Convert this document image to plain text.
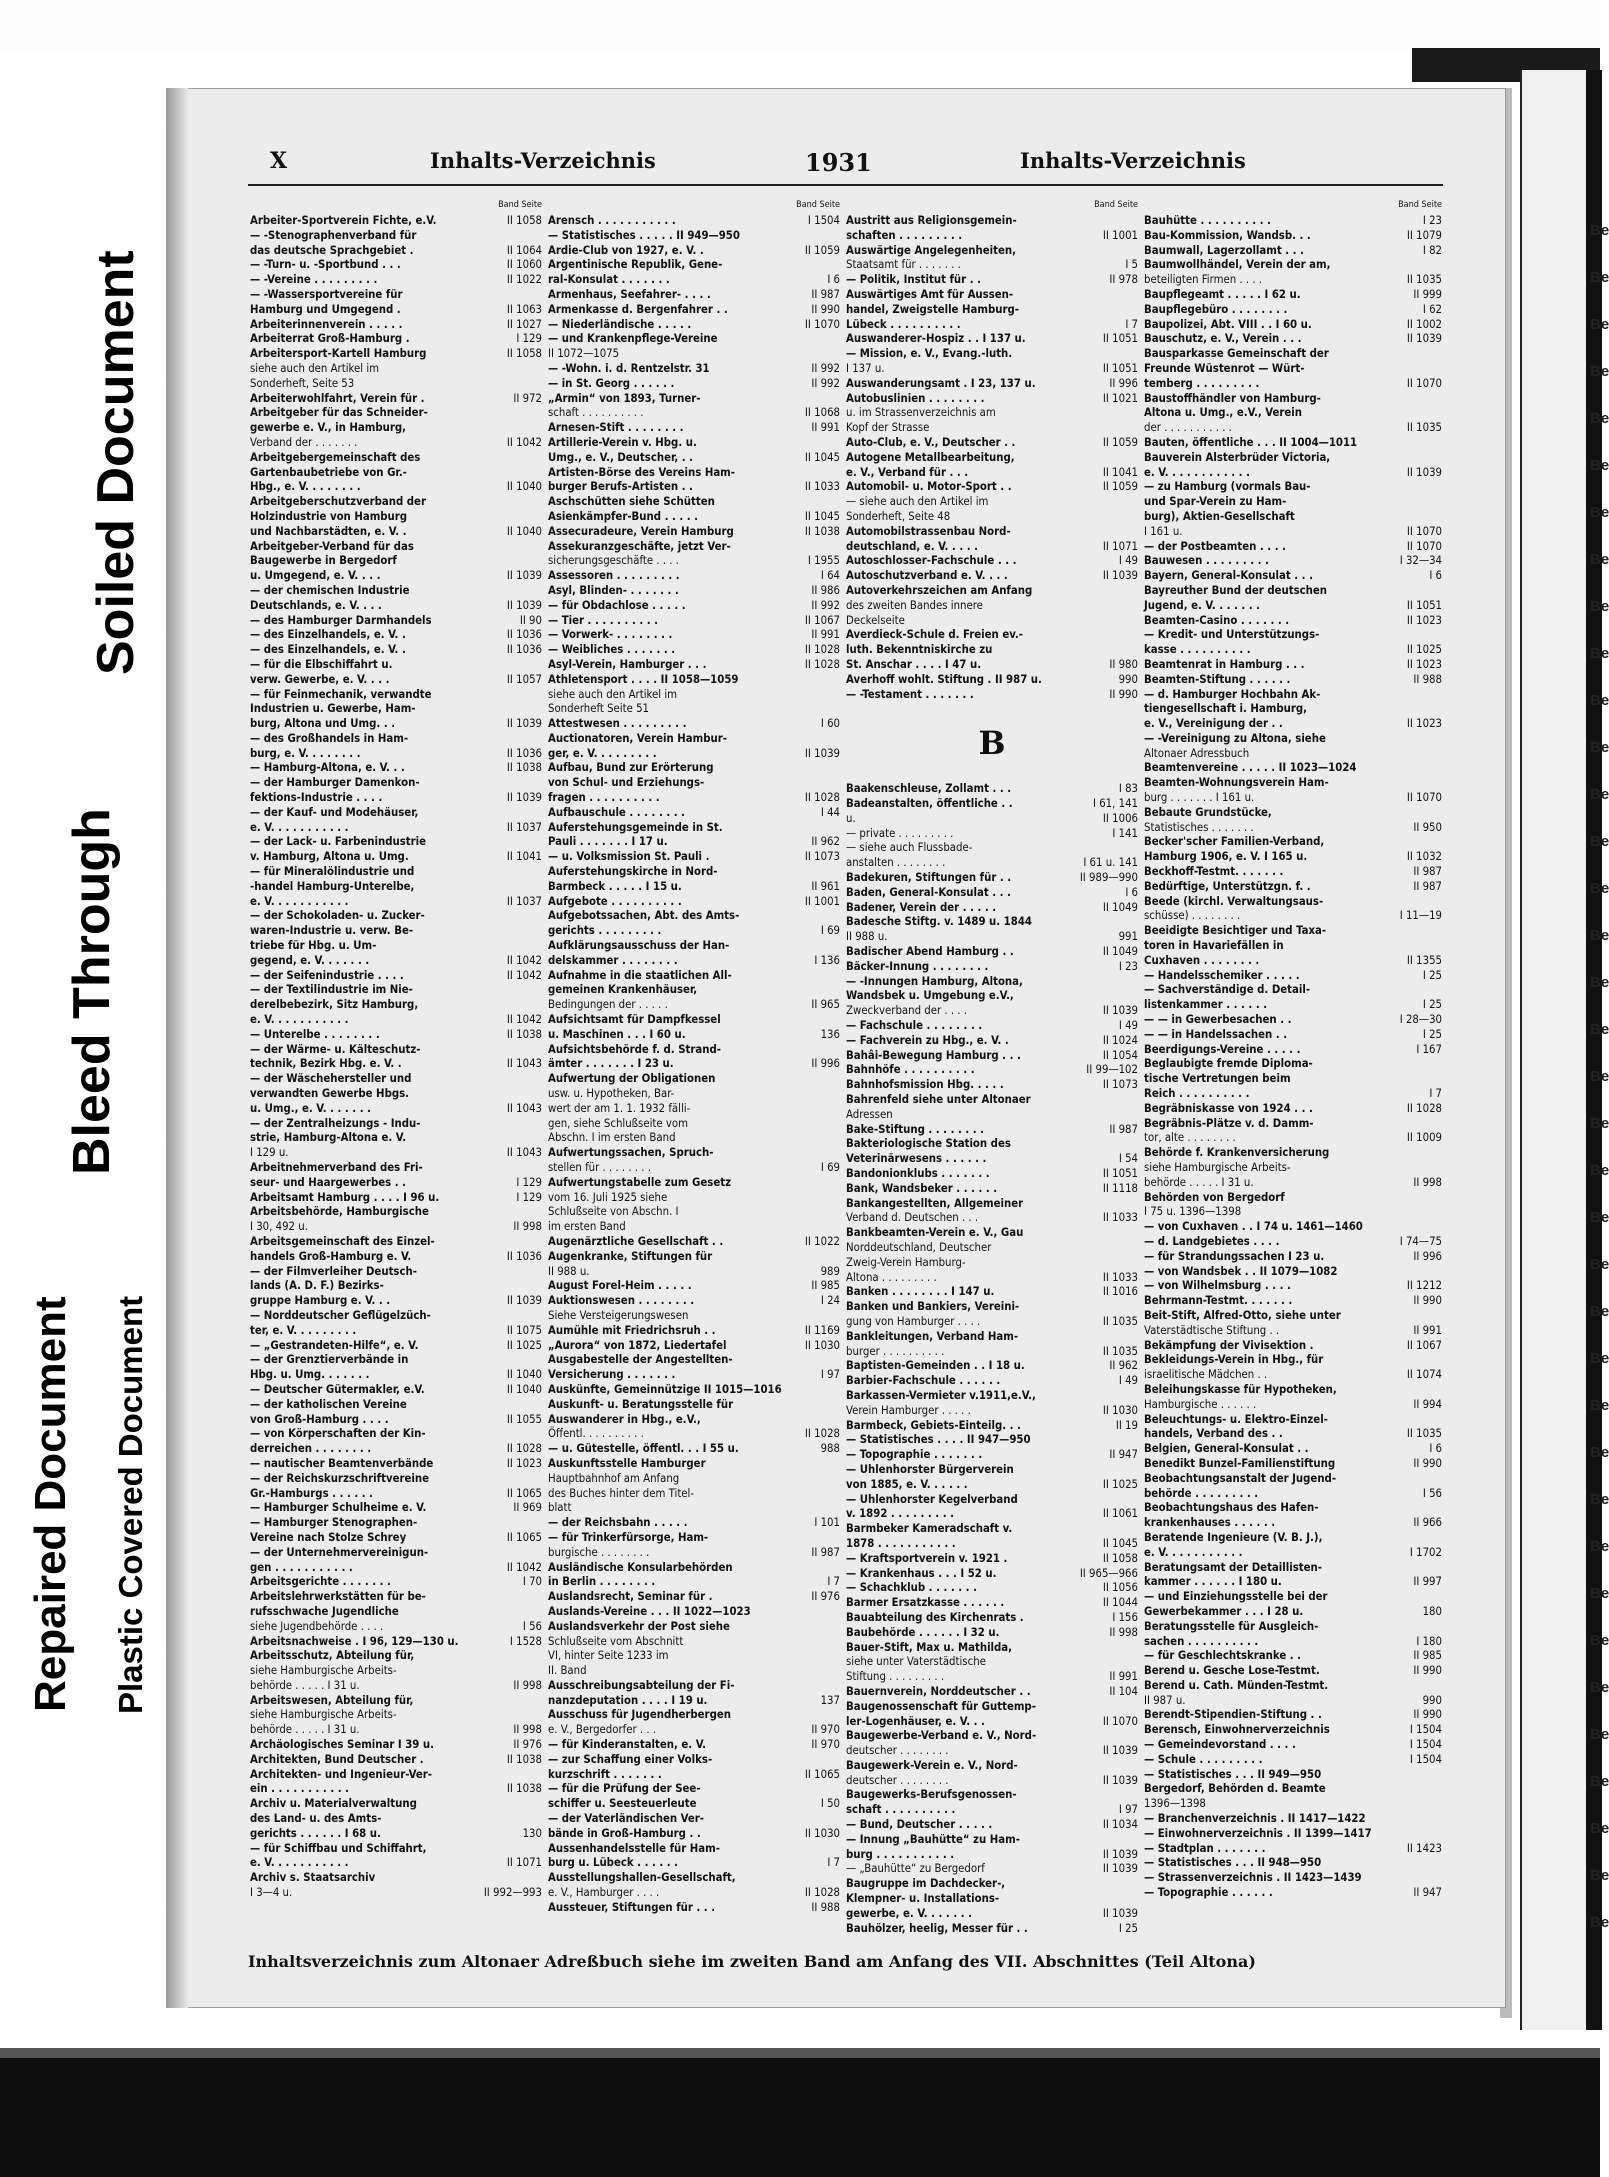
Be
Be
Be
Be
Be
Be
Be
Be
Be
Be
Be
Be
Be
Be
Be
Be
Be
Be
Be
Be
Be
Be
Be
Be
Be
Be
Be
Be
Be
Be
Be
Be
Be
Be
Be
Be
Be
X	Inhalts-Verzeichnis	1931	Inhalts-Verzeichnis
Band Seite
Arbeiter-Sportverein Fichte, e.V.	II 1058
— -Stenographenverband für
das deutsche Sprachgebiet .	II 1064
— -Turn- u. -Sportbund . . .	II 1060
— -Vereine . . . . . . . . .	II 1022
— -Wassersportvereine für
Hamburg und Umgegend .	II 1063
Arbeiterinnenverein . . . . .	II 1027
Arbeiterrat Groß-Hamburg .	I 129
Arbeitersport-Kartell Hamburg	II 1058
siehe auch den Artikel im
Sonderheft, Seite 53
Arbeiterwohlfahrt, Verein für .	II 972
Arbeitgeber für das Schneider-
gewerbe e. V., in Hamburg,
Verband der . . . . . . .	II 1042
Arbeitgebergemeinschaft des
Gartenbaubetriebe von Gr.-
Hbg., e. V. . . . . . . .	II 1040
Arbeitgeberschutzverband der
Holzindustrie von Hamburg
und Nachbarstädten, e. V. .	II 1040
Arbeitgeber-Verband für das
Baugewerbe in Bergedorf
u. Umgegend, e. V. . . .	II 1039
— der chemischen Industrie
Deutschlands, e. V. . . .	II 1039
— des Hamburger Darmhandels	II 90
— des Einzelhandels, e. V. .	II 1036
— des Einzelhandels, e. V. .	II 1036
— für die Elbschiffahrt u.
verw. Gewerbe, e. V. . . .	II 1057
— für Feinmechanik, verwandte
Industrien u. Gewerbe, Ham-
burg, Altona und Umg. . .	II 1039
— des Großhandels in Ham-
burg, e. V. . . . . . . .	II 1036
— Hamburg-Altona, e. V. . .	II 1038
— der Hamburger Damenkon-
fektions-Industrie . . . .	II 1039
— der Kauf- und Modehäuser,
e. V. . . . . . . . . . .	II 1037
— der Lack- u. Farbenindustrie
v. Hamburg, Altona u. Umg.	II 1041
— für Mineralölindustrie und
-handel Hamburg-Unterelbe,
e. V. . . . . . . . . . .	II 1037
— der Schokoladen- u. Zucker-
waren-Industrie u. verw. Be-
triebe für Hbg. u. Um-
gegend, e. V. . . . . . .	II 1042
— der Seifenindustrie . . . .	II 1042
— der Textilindustrie im Nie-
derelbebezirk, Sitz Hamburg,
e. V. . . . . . . . . . .	II 1042
— Unterelbe . . . . . . . .	II 1038
— der Wärme- u. Kälteschutz-
technik, Bezirk Hbg. e. V. .	II 1043
— der Wäschehersteller und
verwandten Gewerbe Hbgs.
u. Umg., e. V. . . . . . .	II 1043
— der Zentralheizungs - Indu-
strie, Hamburg-Altona e. V.
I 129 u.	II 1043
Arbeitnehmerverband des Fri-
seur- und Haargewerbes . .	I 129
Arbeitsamt Hamburg . . . . I 96 u.	I 129
Arbeitsbehörde, Hamburgische
I 30, 492 u.	II 998
Arbeitsgemeinschaft des Einzel-
handels Groß-Hamburg e. V.	II 1036
— der Filmverleiher Deutsch-
lands (A. D. F.) Bezirks-
gruppe Hamburg e. V. . .	II 1039
— Norddeutscher Geflügelzüch-
ter, e. V. . . . . . . . .	II 1075
— „Gestrandeten-Hilfe“, e. V.	II 1025
— der Grenztierverbände in
Hbg. u. Umg. . . . . . .	II 1040
— Deutscher Gütermakler, e.V.	II 1040
— der katholischen Vereine
von Groß-Hamburg . . . .	II 1055
— von Körperschaften der Kin-
derreichen . . . . . . . .	II 1028
— nautischer Beamtenverbände	II 1023
— der Reichskurzschriftvereine
Gr.-Hamburgs . . . . . .	II 1065
— Hamburger Schulheime e. V.	II 969
— Hamburger Stenographen-
Vereine nach Stolze Schrey	II 1065
— der Unternehmervereinigun-
gen . . . . . . . . . . .	II 1042
Arbeitsgerichte . . . . . . .	I 70
Arbeitslehrwerkstätten für be-
rufsschwache Jugendliche
siehe Jugendbehörde . . . .	I 56
Arbeitsnachweise . I 96, 129—130 u.	I 1528
Arbeitsschutz, Abteilung für,
siehe Hamburgische Arbeits-
behörde . . . . . I 31 u.	II 998
Arbeitswesen, Abteilung für,
siehe Hamburgische Arbeits-
behörde . . . . . I 31 u.	II 998
Archäologisches Seminar I 39 u.	II 976
Architekten, Bund Deutscher .	II 1038
Architekten- und Ingenieur-Ver-
ein . . . . . . . . . . .	II 1038
Archiv u. Materialverwaltung
des Land- u. des Amts-
gerichts . . . . . . I 68 u.	130
— für Schiffbau und Schiffahrt,
e. V. . . . . . . . . . .	II 1071
Archiv s. Staatsarchiv
I 3—4 u.	II 992—993
Band Seite
Arensch . . . . . . . . . . .	I 1504
— Statistisches . . . . . II 949—950
Ardie-Club von 1927, e. V. .	II 1059
Argentinische Republik, Gene-
ral-Konsulat . . . . . . .	I 6
Armenhaus, Seefahrer- . . . .	II 987
Armenkasse d. Bergenfahrer . .	II 990
— Niederländische . . . . .	II 1070
— und Krankenpflege-Vereine
II 1072—1075
— -Wohn. i. d. Rentzelstr. 31	II 992
— in St. Georg . . . . . .	II 992
„Armin“ von 1893, Turner-
schaft . . . . . . . . . .	II 1068
Arnesen-Stift . . . . . . . .	II 991
Artillerie-Verein v. Hbg. u.
Umg., e. V., Deutscher, . .	II 1045
Artisten-Börse des Vereins Ham-
burger Berufs-Artisten . .	II 1033
Aschschütten siehe Schütten
Asienkämpfer-Bund . . . . .	II 1045
Assecuradeure, Verein Hamburg	II 1038
Assekuranzgeschäfte, jetzt Ver-
sicherungsgeschäfte . . . .	I 1955
Assessoren . . . . . . . . .	I 64
Asyl, Blinden- . . . . . . .	II 986
— für Obdachlose . . . . .	II 992
— Tier . . . . . . . . . .	II 1067
— Vorwerk- . . . . . . . .	II 991
— Weibliches . . . . . . .	II 1028
Asyl-Verein, Hamburger . . .	II 1028
Athletensport . . . . II 1058—1059
siehe auch den Artikel im
Sonderheft Seite 51
Attestwesen . . . . . . . . .	I 60
Auctionatoren, Verein Hambur-
ger, e. V. . . . . . . . .	II 1039
Aufbau, Bund zur Erörterung
von Schul- und Erziehungs-
fragen . . . . . . . . . .	II 1028
Aufbauschule . . . . . . . .	I 44
Auferstehungsgemeinde in St.
Pauli . . . . . . . I 17 u.	II 962
— u. Volksmission St. Pauli .	II 1073
Auferstehungskirche in Nord-
Barmbeck . . . . . I 15 u.	II 961
Aufgebote . . . . . . . . . .	II 1001
Aufgebotssachen, Abt. des Amts-
gerichts . . . . . . . . .	I 69
Aufklärungsausschuss der Han-
delskammer . . . . . . . .	I 136
Aufnahme in die staatlichen All-
gemeinen Krankenhäuser,
Bedingungen der . . . . .	II 965
Aufsichtsamt für Dampfkessel
u. Maschinen . . . I 60 u.	136
Aufsichtsbehörde f. d. Strand-
ämter . . . . . . . I 23 u.	II 996
Aufwertung der Obligationen
usw. u. Hypotheken, Bar-
wert der am 1. 1. 1932 fälli-
gen, siehe Schlußseite vom
Abschn. I im ersten Band
Aufwertungssachen, Spruch-
stellen für . . . . . . . .	I 69
Aufwertungstabelle zum Gesetz
vom 16. Juli 1925 siehe
Schlußseite von Abschn. I
im ersten Band
Augenärztliche Gesellschaft . .	II 1022
Augenkranke, Stiftungen für
II 988 u.	989
August Forel-Heim . . . . .	II 985
Auktionswesen . . . . . . . .	I 24
Siehe Versteigerungswesen
Aumühle mit Friedrichsruh . .	II 1169
„Aurora“ von 1872, Liedertafel	II 1030
Ausgabestelle der Angestellten-
Versicherung . . . . . . .	I 97
Auskünfte, Gemeinnützige II 1015—1016
Auskunft- u. Beratungsstelle für
Auswanderer in Hbg., e.V.,
Öffentl. . . . . . . . . .	II 1028
— u. Gütestelle, öffentl. . . I 55 u.	988
Auskunftsstelle Hamburger
Hauptbahnhof am Anfang
des Buches hinter dem Titel-
blatt
— der Reichsbahn . . . . .	I 101
— für Trinkerfürsorge, Ham-
burgische . . . . . . . .	II 987
Ausländische Konsularbehörden
in Berlin . . . . . . . .	I 7
Auslandsrecht, Seminar für .	II 976
Auslands-Vereine . . . II 1022—1023
Auslandsverkehr der Post siehe
Schlußseite vom Abschnitt
VI, hinter Seite 1233 im
II. Band
Ausschreibungsabteilung der Fi-
nanzdeputation . . . . I 19 u.	137
Ausschuss für Jugendherbergen
e. V., Bergedorfer . . .	II 970
— für Kinderanstalten, e. V.	II 970
— zur Schaffung einer Volks-
kurzschrift . . . . . . .	II 1065
— für die Prüfung der See-
schiffer u. Seesteuerleute	I 50
— der Vaterländischen Ver-
bände in Groß-Hamburg . .	II 1030
Aussenhandelsstelle für Ham-
burg u. Lübeck . . . . . .	I 7
Ausstellungshallen-Gesellschaft,
e. V., Hamburger . . . .	II 1028
Aussteuer, Stiftungen für . . .	II 988
Band Seite
Austritt aus Religionsgemein-
schaften . . . . . . . . .	II 1001
Auswärtige Angelegenheiten,
Staatsamt für . . . . . . .	I 5
— Politik, Institut für . .	II 978
Auswärtiges Amt für Aussen-
handel, Zweigstelle Hamburg-
Lübeck . . . . . . . . . .	I 7
Auswanderer-Hospiz . . I 137 u.	II 1051
— Mission, e. V., Evang.-luth.
I 137 u.	II 1051
Auswanderungsamt . I 23, 137 u.	II 996
Autobuslinien . . . . . . . .	II 1021
u. im Strassenverzeichnis am
Kopf der Strasse
Auto-Club, e. V., Deutscher . .	II 1059
Autogene Metallbearbeitung,
e. V., Verband für . . .	II 1041
Automobil- u. Motor-Sport . .	II 1059
— siehe auch den Artikel im
Sonderheft, Seite 48
Automobilstrassenbau Nord-
deutschland, e. V. . . . .	II 1071
Autoschlosser-Fachschule . . .	I 49
Autoschutzverband e. V. . . .	II 1039
Autoverkehrszeichen am Anfang
des zweiten Bandes innere
Deckelseite
Averdieck-Schule d. Freien ev.-
luth. Bekenntniskirche zu
St. Anschar . . . . I 47 u.	II 980
Averhoff wohlt. Stiftung . II 987 u.	990
— -Testament . . . . . . .	II 990
B
Baakenschleuse, Zollamt . . .	I 83
Badeanstalten, öffentliche . .	I 61, 141
u.	II 1006
— private . . . . . . . . .	I 141
— siehe auch Flussbade-
anstalten . . . . . . . .	I 61 u. 141
Badekuren, Stiftungen für . .	II 989—990
Baden, General-Konsulat . . .	I 6
Badener, Verein der . . . . .	II 1049
Badesche Stiftg. v. 1489 u. 1844
II 988 u.	991
Badischer Abend Hamburg . .	II 1049
Bäcker-Innung . . . . . . . .	I 23
— -Innungen Hamburg, Altona,
Wandsbek u. Umgebung e.V.,
Zweckverband der . . . .	II 1039
— Fachschule . . . . . . . .	I 49
— Fachverein zu Hbg., e. V. .	II 1024
Bahâi-Bewegung Hamburg . . .	II 1054
Bahnhöfe . . . . . . . . . .	II 99—102
Bahnhofsmission Hbg. . . . .	II 1073
Bahrenfeld siehe unter Altonaer
Adressen
Bake-Stiftung . . . . . . . .	II 987
Bakteriologische Station des
Veterinärwesens . . . . . .	I 54
Bandonionklubs . . . . . . .	II 1051
Bank, Wandsbeker . . . . . .	II 1118
Bankangestellten, Allgemeiner
Verband d. Deutschen . . .	II 1033
Bankbeamten-Verein e. V., Gau
Norddeutschland, Deutscher
Zweig-Verein Hamburg-
Altona . . . . . . . . .	II 1033
Banken . . . . . . . . I 147 u.	II 1016
Banken und Bankiers, Vereini-
gung von Hamburger . . . .	II 1035
Bankleitungen, Verband Ham-
burger . . . . . . . . . .	II 1035
Baptisten-Gemeinden . . I 18 u.	II 962
Barbier-Fachschule . . . . . .	I 49
Barkassen-Vermieter v.1911,e.V.,
Verein Hamburger . . . . .	II 1030
Barmbeck, Gebiets-Einteilg. . .	II 19
— Statistisches . . . . II 947—950
— Topographie . . . . . . .	II 947
— Uhlenhorster Bürgerverein
von 1885, e. V. . . . . .	II 1025
— Uhlenhorster Kegelverband
v. 1892 . . . . . . . . .	II 1061
Barmbeker Kameradschaft v.
1878 . . . . . . . . . . .	II 1045
— Kraftsportverein v. 1921 .	II 1058
— Krankenhaus . . . I 52 u.	II 965—966
— Schachklub . . . . . . .	II 1056
Barmer Ersatzkasse . . . . . .	II 1044
Bauabteilung des Kirchenrats .	I 156
Baubehörde . . . . . . I 32 u.	II 998
Bauer-Stift, Max u. Mathilda,
siehe unter Vaterstädtische
Stiftung . . . . . . . . .	II 991
Bauernverein, Norddeutscher . .	II 104
Baugenossenschaft für Guttemp-
ler-Logenhäuser, e. V. . .	II 1070
Baugewerbe-Verband e. V., Nord-
deutscher . . . . . . . .	II 1039
Baugewerk-Verein e. V., Nord-
deutscher . . . . . . . .	II 1039
Baugewerks-Berufsgenossen-
schaft . . . . . . . . . .	I 97
— Bund, Deutscher . . . . .	II 1034
— Innung „Bauhütte“ zu Ham-
burg . . . . . . . . . . .	II 1039
— „Bauhütte“ zu Bergedorf	II 1039
Baugruppe im Dachdecker-,
Klempner- u. Installations-
gewerbe, e. V. . . . . . .	II 1039
Bauhölzer, heelig, Messer für . .	I 25
Band Seite
Bauhütte . . . . . . . . . .	I 23
Bau-Kommission, Wandsb. . .	II 1079
Baumwall, Lagerzollamt . . .	I 82
Baumwollhändel, Verein der am,
beteiligten Firmen . . . .	II 1035
Baupflegeamt . . . . . I 62 u.	II 999
Baupflegebüro . . . . . . . .	I 62
Baupolizei, Abt. VIII . . I 60 u.	II 1002
Bauschutz, e. V., Verein . . .	II 1039
Bausparkasse Gemeinschaft der
Freunde Wüstenrot — Würt-
temberg . . . . . . . . .	II 1070
Baustoffhändler von Hamburg-
Altona u. Umg., e.V., Verein
der . . . . . . . . . . .	II 1035
Bauten, öffentliche . . . II 1004—1011
Bauverein Alsterbrüder Victoria,
e. V. . . . . . . . . . . .	II 1039
— zu Hamburg (vormals Bau-
und Spar-Verein zu Ham-
burg), Aktien-Gesellschaft
I 161 u.	II 1070
— der Postbeamten . . . .	II 1070
Bauwesen . . . . . . . . .	I 32—34
Bayern, General-Konsulat . . .	I 6
Bayreuther Bund der deutschen
Jugend, e. V. . . . . . .	II 1051
Beamten-Casino . . . . . . .	II 1023
— Kredit- und Unterstützungs-
kasse . . . . . . . . . .	II 1025
Beamtenrat in Hamburg . . .	II 1023
Beamten-Stiftung . . . . . .	II 988
— d. Hamburger Hochbahn Ak-
tiengesellschaft i. Hamburg,
e. V., Vereinigung der . .	II 1023
— -Vereinigung zu Altona, siehe
Altonaer Adressbuch
Beamtenvereine . . . . . II 1023—1024
Beamten-Wohnungsverein Ham-
burg . . . . . . . I 161 u.	II 1070
Bebaute Grundstücke,
Statistisches . . . . . . .	II 950
Becker'scher Familien-Verband,
Hamburg 1906, e. V. I 165 u.	II 1032
Beckhoff-Testmt. . . . . . .	II 987
Bedürftige, Unterstützgn. f. .	II 987
Beede (kirchl. Verwaltungsaus-
schüsse) . . . . . . . .	I 11—19
Beeidigte Besichtiger und Taxa-
toren in Havariefällen in
Cuxhaven . . . . . . . .	II 1355
— Handelsschemiker . . . . .	I 25
— Sachverständige d. Detail-
listenkammer . . . . . .	I 25
— — in Gewerbesachen . .	I 28—30
— — in Handelssachen . .	I 25
Beerdigungs-Vereine . . . . .	I 167
Beglaubigte fremde Diploma-
tische Vertretungen beim
Reich . . . . . . . . . .	I 7
Begräbniskasse von 1924 . . .	II 1028
Begräbnis-Plätze v. d. Damm-
tor, alte . . . . . . . .	II 1009
Behörde f. Krankenversicherung
siehe Hamburgische Arbeits-
behörde . . . . . I 31 u.	II 998
Behörden von Bergedorf
I 75 u. 1396—1398
— von Cuxhaven . . I 74 u. 1461—1460
— d. Landgebietes . . . .	I 74—75
— für Strandungssachen I 23 u.	II 996
— von Wandsbek . . II 1079—1082
— von Wilhelmsburg . . . .	II 1212
Behrmann-Testmt. . . . . . .	II 990
Beit-Stift, Alfred-Otto, siehe unter
Vaterstädtische Stiftung . .	II 991
Bekämpfung der Vivisektion .	II 1067
Bekleidungs-Verein in Hbg., für
israelitische Mädchen . .	II 1074
Beleihungskasse für Hypotheken,
Hamburgische . . . . . .	II 994
Beleuchtungs- u. Elektro-Einzel-
handels, Verband des . .	II 1035
Belgien, General-Konsulat . .	I 6
Benedikt Bunzel-Familienstiftung	II 990
Beobachtungsanstalt der Jugend-
behörde . . . . . . . . .	I 56
Beobachtungshaus des Hafen-
krankenhauses . . . . . .	II 966
Beratende Ingenieure (V. B. J.),
e. V. . . . . . . . . . .	I 1702
Beratungsamt der Detaillisten-
kammer . . . . . . I 180 u.	II 997
— und Einziehungsstelle bei der
Gewerbekammer . . . I 28 u.	180
Beratungsstelle für Ausgleich-
sachen . . . . . . . . . .	I 180
— für Geschlechtskranke . .	II 985
Berend u. Gesche Lose-Testmt.	II 990
Berend u. Cath. Münden-Testmt.
II 987 u.	990
Berendt-Stipendien-Stiftung . .	II 990
Berensch, Einwohnerverzeichnis	I 1504
— Gemeindevorstand . . . .	I 1504
— Schule . . . . . . . . .	I 1504
— Statistisches . . . II 949—950
Bergedorf, Behörden d. Beamte
1396—1398
— Branchenverzeichnis . II 1417—1422
— Einwohnerverzeichnis . II 1399—1417
— Stadtplan . . . . . . .	II 1423
— Statistisches . . . II 948—950
— Strassenverzeichnis . II 1423—1439
— Topographie . . . . . .	II 947
Inhaltsverzeichnis zum Altonaer Adreßbuch siehe im zweiten Band am Anfang des VII. Abschnittes (Teil Altona)
Soiled Document
Bleed Through
Repaired Document Plastic Covered Document
